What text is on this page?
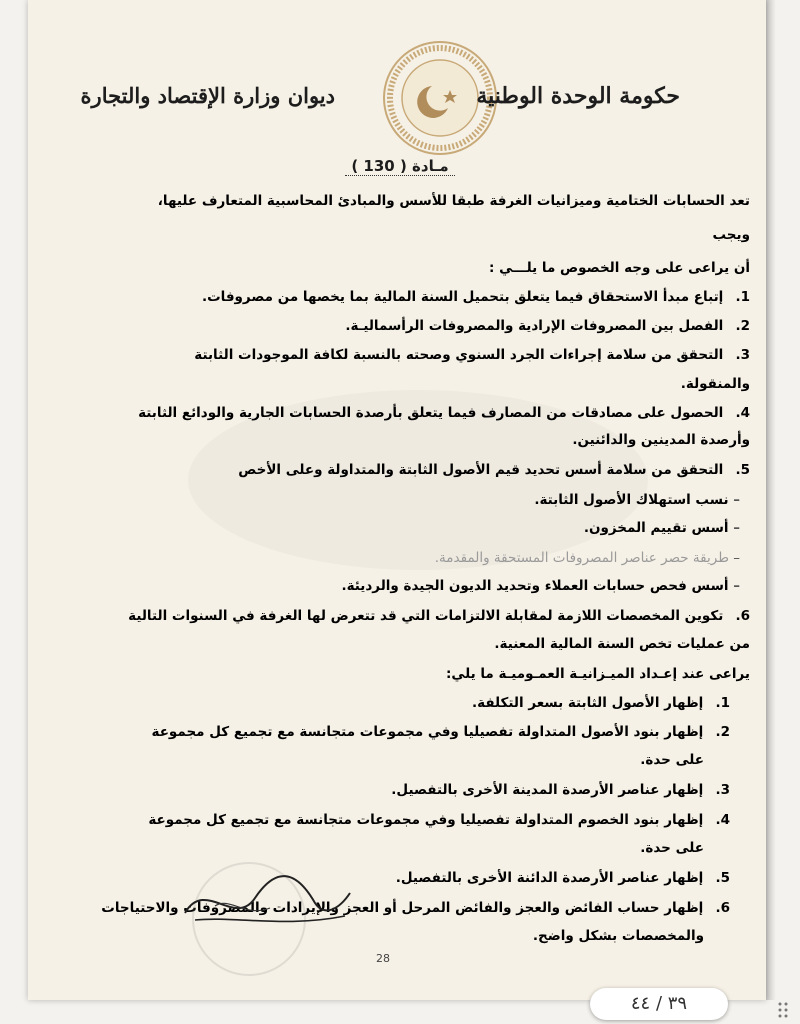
حكومة الوحدة الوطنية
ديوان وزارة الإقتصاد والتجارة
مـادة ( 130 )
تعد الحسابات الختامية وميزانيات الغرفة طبقا للأسس والمبادئ المحاسبية المتعارف عليها،
ويجب
أن يراعى على وجه الخصوص ما يلـــي :
1. إتباع مبدأ الاستحقاق فيما يتعلق بتحميل السنة المالية بما يخصها من مصروفات.
2. الفصل بين المصروفات الإرادية والمصروفات الرأسماليـة.
3. التحقق من سلامة إجراءات الجرد السنوي وصحته بالنسبة لكافة الموجودات الثابتة
والمنقولة.
4. الحصول على مصادقات من المصارف فيما يتعلق بأرصدة الحسابات الجارية والودائع الثابتة
وأرصدة المدينين والدائنين.
5. التحقق من سلامة أسس تحديد قيم الأصول الثابتة والمتداولة وعلى الأخص
– نسب استهلاك الأصول الثابتة.
– أسس تقييم المخزون.
– طريقة حصر عناصر المصروفات المستحقة والمقدمة.
– أسس فحص حسابات العملاء وتحديد الديون الجيدة والرديئة.
6. تكوين المخصصات اللازمة لمقابلة الالتزامات التي قد تتعرض لها الغرفة في السنوات التالية
من عمليات تخص السنة المالية المعنية.
يراعى عند إعـداد الميـزانيـة العمـوميـة ما يلي:
1. إظهار الأصول الثابتة بسعر التكلفة.
2. إظهار بنود الأصول المتداولة تفصيليا وفي مجموعات متجانسة مع تجميع كل مجموعة
على حدة.
3. إظهار عناصر الأرصدة المدينة الأخرى بالتفصيل.
4. إظهار بنود الخصوم المتداولة تفصيليا وفي مجموعات متجانسة مع تجميع كل مجموعة
على حدة.
5. إظهار عناصر الأرصدة الدائنة الأخرى بالتفصيل.
6. إظهار حساب الفائض والعجز والفائض المرحل أو العجز والإيرادات والمصروفات والاحتياجات
والمخصصات بشكل واضح.
28
٣٩ / ٤٤
